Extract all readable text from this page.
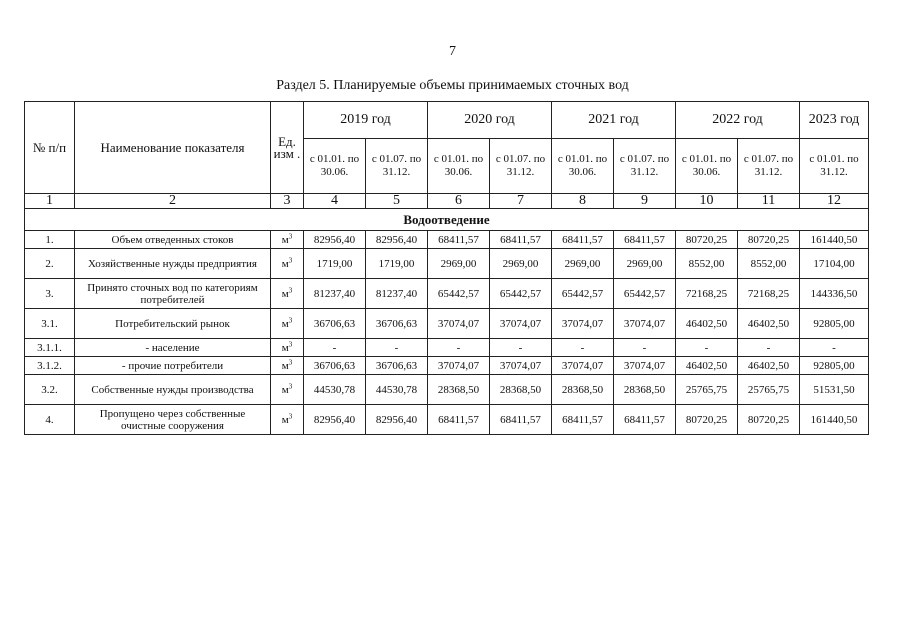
7
Раздел 5. Планируемые объемы принимаемых сточных вод
№ п/п	Наименование показателя	Ед. изм .	2019 год		2020 год		2021 год		2022 год		2023 год
			с 01.01. по 30.06.	с 01.07. по 31.12.	с 01.01. по 30.06.	с 01.07. по 31.12.	с 01.01. по 30.06.	с 01.07. по 31.12.	с 01.01. по 30.06.	с 01.07. по 31.12.	с 01.01. по 31.12.
1	2	3	4	5	6	7	8	9	10	11	12
Водоотведение											
1.	Объем отведенных стоков	$м^3$	82956,40	82956,40	68411,57	68411,57	68411,57	68411,57	80720,25	80720,25	161440,50
2.	Хозяйственные нужды предприятия	$м^3$	1719,00	1719,00	2969,00	2969,00	2969,00	2969,00	8552,00	8552,00	17104,00
3.	Принято сточных вод по категориям потребителей	$м^3$	81237,40	81237,40	65442,57	65442,57	65442,57	65442,57	72168,25	72168,25	144336,50
3.1.	Потребительский рынок	$м^3$	36706,63	36706,63	37074,07	37074,07	37074,07	37074,07	46402,50	46402,50	92805,00
3.1.1.	- население	$м^3$	-	-	-	-	-	-	-	-	-
3.1.2.	- прочие потребители	$м^3$	36706,63	36706,63	37074,07	37074,07	37074,07	37074,07	46402,50	46402,50	92805,00
3.2.	Собственные нужды производства	$м^3$	44530,78	44530,78	28368,50	28368,50	28368,50	28368,50	25765,75	25765,75	51531,50
4.	Пропущено через собственные очистные сооружения	$м^3$	82956,40	82956,40	68411,57	68411,57	68411,57	68411,57	80720,25	80720,25	161440,50
